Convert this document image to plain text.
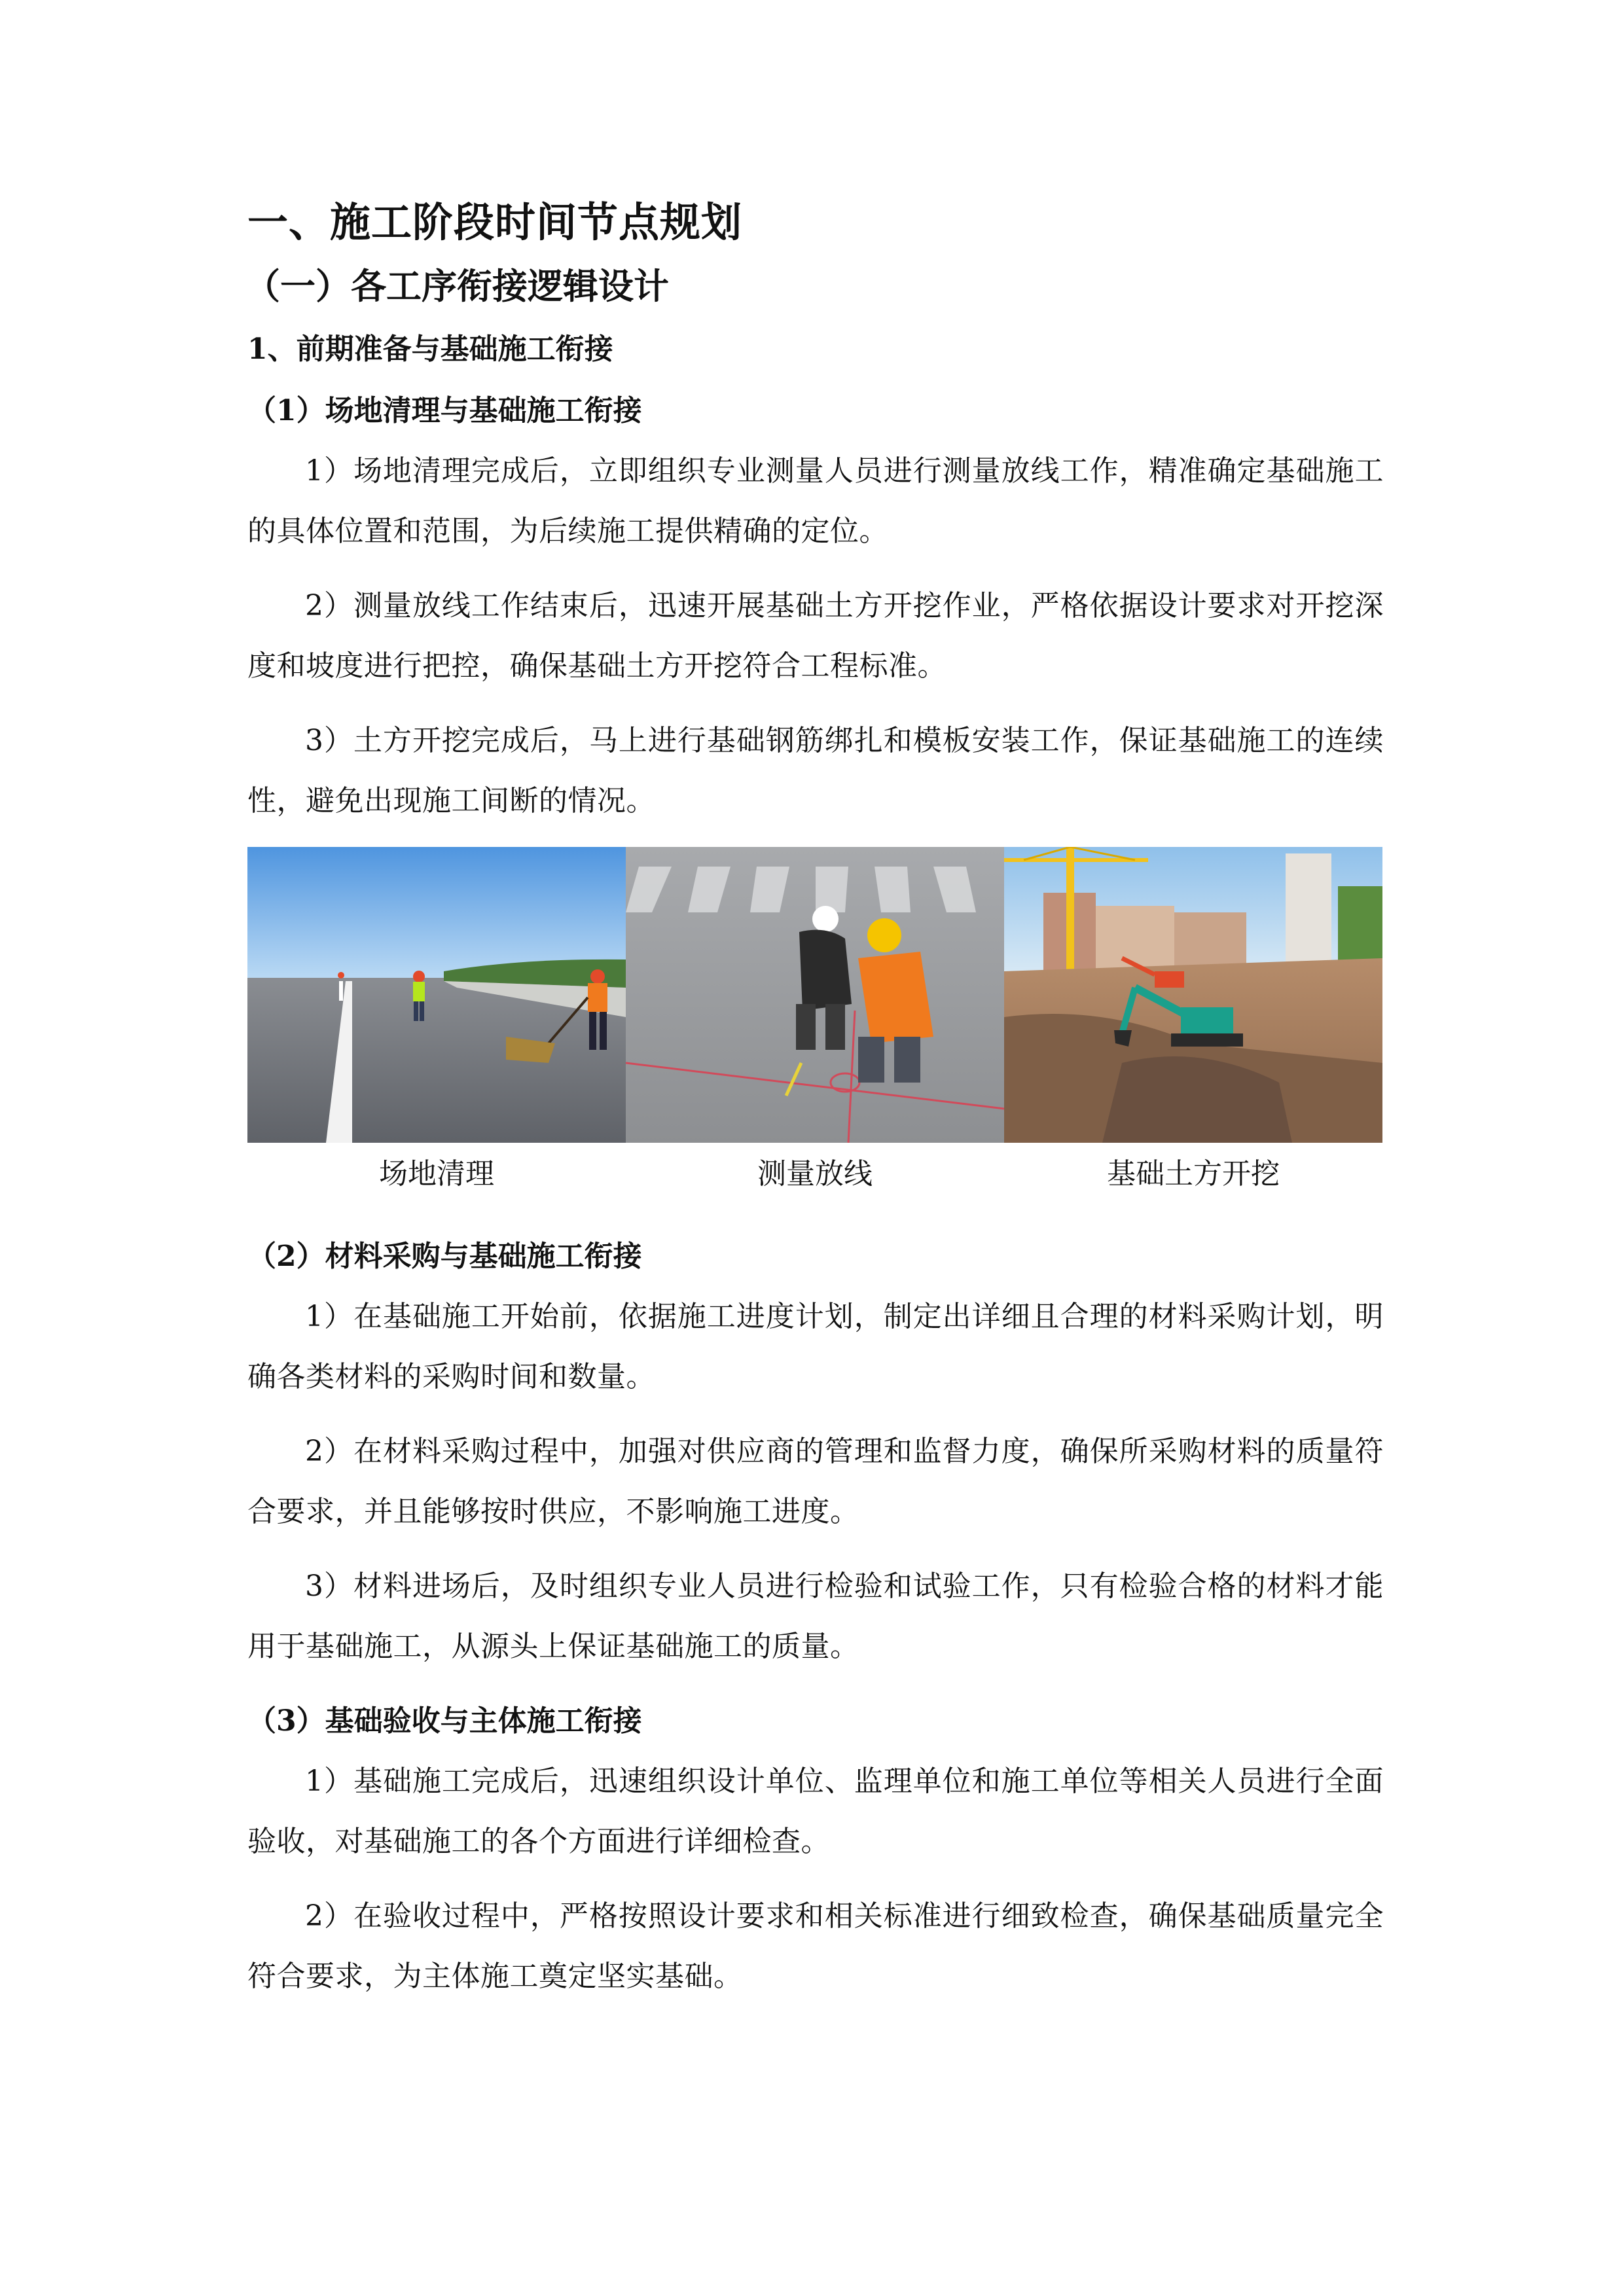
一、施工阶段时间节点规划
（一）各工序衔接逻辑设计
1、前期准备与基础施工衔接
（1）场地清理与基础施工衔接

1）场地清理完成后，立即组织专业测量人员进行测量放线工作，精准确定基础施工的具体位置和范围，为后续施工提供精确的定位。

2）测量放线工作结束后，迅速开展基础土方开挖作业，严格依据设计要求对开挖深度和坡度进行把控，确保基础土方开挖符合工程标准。

3）土方开挖完成后，马上进行基础钢筋绑扎和模板安装工作，保证基础施工的连续性，避免出现施工间断的情况。

场地清理	测量放线	基础土方开挖
（2）材料采购与基础施工衔接

1）在基础施工开始前，依据施工进度计划，制定出详细且合理的材料采购计划，明确各类材料的采购时间和数量。

2）在材料采购过程中，加强对供应商的管理和监督力度，确保所采购材料的质量符合要求，并且能够按时供应，不影响施工进度。

3）材料进场后，及时组织专业人员进行检验和试验工作，只有检验合格的材料才能用于基础施工，从源头上保证基础施工的质量。

（3）基础验收与主体施工衔接

1）基础施工完成后，迅速组织设计单位、监理单位和施工单位等相关人员进行全面验收，对基础施工的各个方面进行详细检查。

2）在验收过程中，严格按照设计要求和相关标准进行细致检查，确保基础质量完全符合要求，为主体施工奠定坚实基础。
